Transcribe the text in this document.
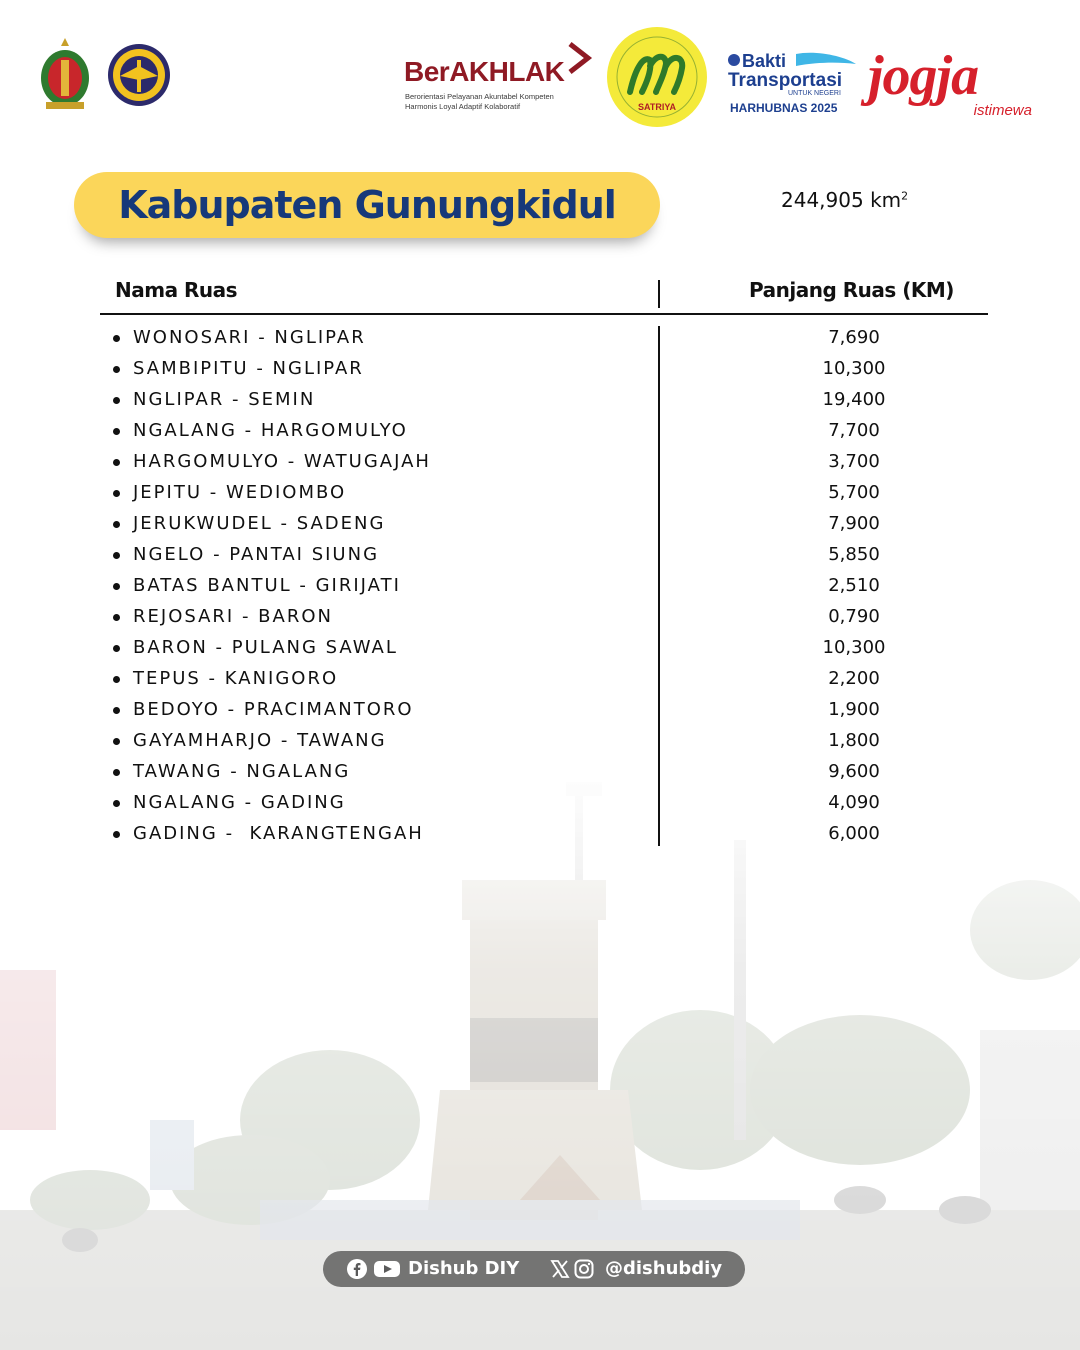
BerAKHLAK
Berorientasi Pelayanan Akuntabel Kompeten
Harmonis Loyal Adaptif Kolaboratif	SATRIYA
Bakti
Transportasi
UNTUK NEGERI
HARHUBNAS 2025
jogja
istimewa
Kabupaten Gunungkidul	244,905 $km^2$
Nama Ruas	Panjang Ruas (KM)
WONOSARI - NGLIPAR	7,690
SAMBIPITU - NGLIPAR	10,300
NGLIPAR - SEMIN	19,400
NGALANG - HARGOMULYO	7,700
HARGOMULYO - WATUGAJAH	3,700
JEPITU - WEDIOMBO	5,700
JERUKWUDEL - SADENG	7,900
NGELO - PANTAI SIUNG	5,850
BATAS BANTUL - GIRIJATI	2,510
REJOSARI - BARON	0,790
BARON - PULANG SAWAL	10,300
TEPUS - KANIGORO	2,200
BEDOYO - PRACIMANTORO	1,900
GAYAMHARJO - TAWANG	1,800
TAWANG - NGALANG	9,600
NGALANG - GADING	4,090
GADING -  KARANGTENGAH	6,000
Dishub DIY	@dishubdiy
